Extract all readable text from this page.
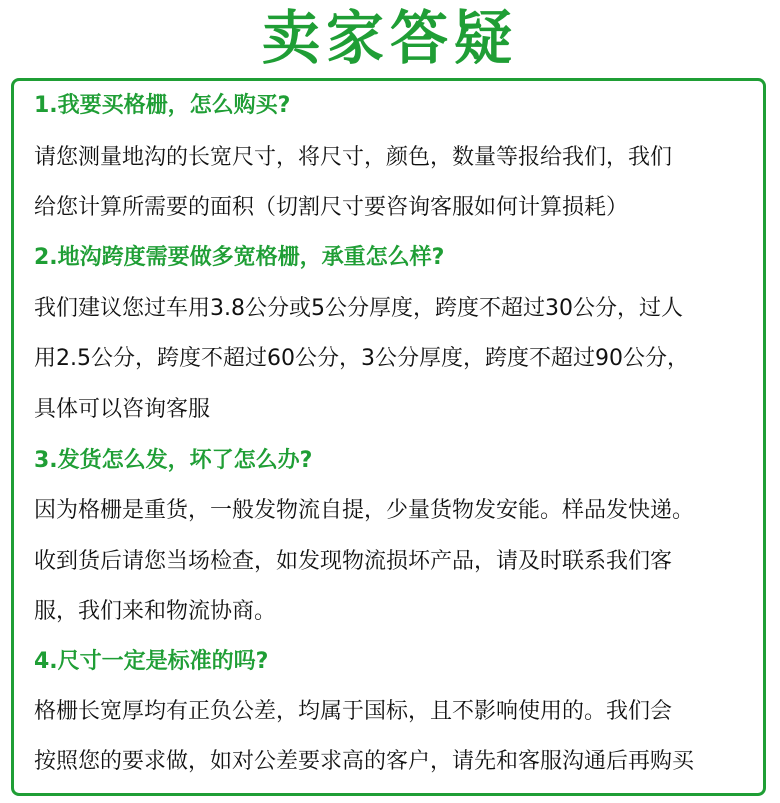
卖家答疑
1.我要买格栅，怎么购买?
请您测量地沟的长宽尺寸，将尺寸，颜色，数量等报给我们，我们
给您计算所需要的面积（切割尺寸要咨询客服如何计算损耗）
2.地沟跨度需要做多宽格栅，承重怎么样?
我们建议您过车用3.8公分或5公分厚度，跨度不超过30公分，过人
用2.5公分，跨度不超过60公分，3公分厚度，跨度不超过90公分，
具体可以咨询客服
3.发货怎么发，坏了怎么办?
因为格栅是重货，一般发物流自提，少量货物发安能。样品发快递。
收到货后请您当场检查，如发现物流损坏产品，请及时联系我们客
服，我们来和物流协商。
4.尺寸一定是标准的吗?
格栅长宽厚均有正负公差，均属于国标，且不影响使用的。我们会
按照您的要求做，如对公差要求高的客户，请先和客服沟通后再购买
